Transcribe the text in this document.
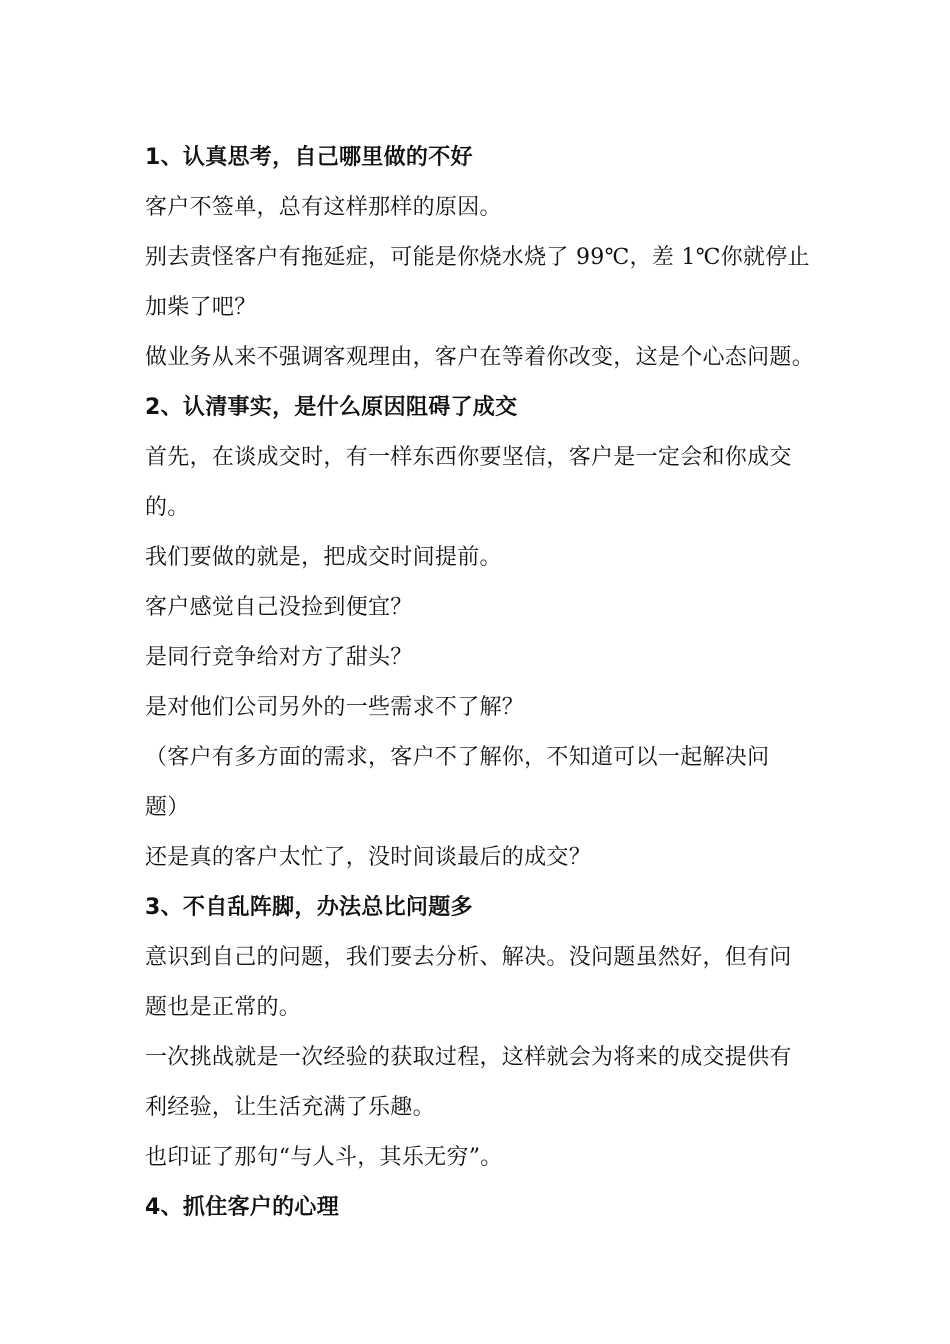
1、认真思考，自己哪里做的不好
客户不签单，总有这样那样的原因。
别去责怪客户有拖延症，可能是你烧水烧了 99℃，差 1℃你就停止
加柴了吧？
做业务从来不强调客观理由，客户在等着你改变，这是个心态问题。
2、认清事实，是什么原因阻碍了成交
首先，在谈成交时，有一样东西你要坚信，客户是一定会和你成交
的。
我们要做的就是，把成交时间提前。
客户感觉自己没捡到便宜？
是同行竞争给对方了甜头？
是对他们公司另外的一些需求不了解？
（客户有多方面的需求，客户不了解你，不知道可以一起解决问
题）
还是真的客户太忙了，没时间谈最后的成交？
3、不自乱阵脚，办法总比问题多
意识到自己的问题，我们要去分析、解决。没问题虽然好，但有问
题也是正常的。
一次挑战就是一次经验的获取过程，这样就会为将来的成交提供有
利经验，让生活充满了乐趣。
也印证了那句“与人斗，其乐无穷”。
4、抓住客户的心理
